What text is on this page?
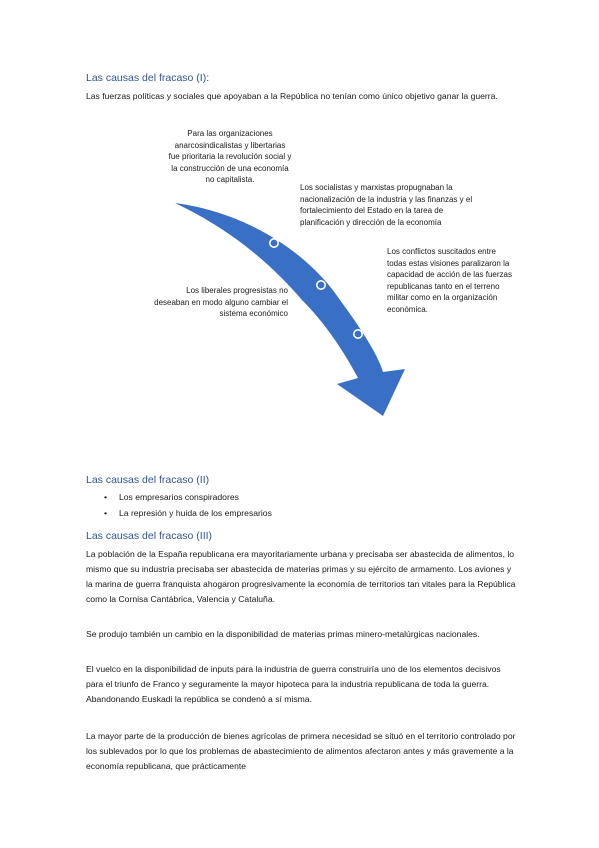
Las causas del fracaso (I):
Las fuerzas políticas y sociales que apoyaban a la República no tenían como único objetivo ganar la guerra.
Para las organizaciones anarcosindicalistas y libertarias fue prioritaria la revolución social y la construcción de una economía no capitalista.
Los socialistas y marxistas propugnaban la nacionalización de la industria y las finanzas y el fortalecimiento del Estado en la tarea de planificación y dirección de la economía
Los conflictos suscitados entre todas estas visiones paralizaron la capacidad de acción de las fuerzas republicanas tanto en el terreno militar como en la organización económica.
Los liberales progresistas no deseaban en modo alguno cambiar el sistema económico
Las causas del fracaso (II)
• Los empresarios conspiradores
• La represión y huida de los empresarios
Las causas del fracaso (III)
La población de la España republicana era mayoritariamente urbana y precisaba ser abastecida de alimentos, lo mismo que su industria precisaba ser abastecida de materias primas y su ejército de armamento. Los aviones y la marina de guerra franquista ahogaron progresivamente la economía de territorios tan vitales para la República como la Cornisa Cantábrica, Valencia y Cataluña.
Se produjo también un cambio en la disponibilidad de materias primas minero-metalúrgicas nacionales.
El vuelco en la disponibilidad de inputs para la industria de guerra construiría uno de los elementos decisivos para el triunfo de Franco y seguramente la mayor hipoteca para la industria republicana de toda la guerra. Abandonando Euskadi la república se condenó a sí misma.
La mayor parte de la producción de bienes agrícolas de primera necesidad se situó en el territorio controlado por los sublevados por lo que los problemas de abastecimiento de alimentos afectaron antes y más gravemente a la economía republicana, que prácticamente
